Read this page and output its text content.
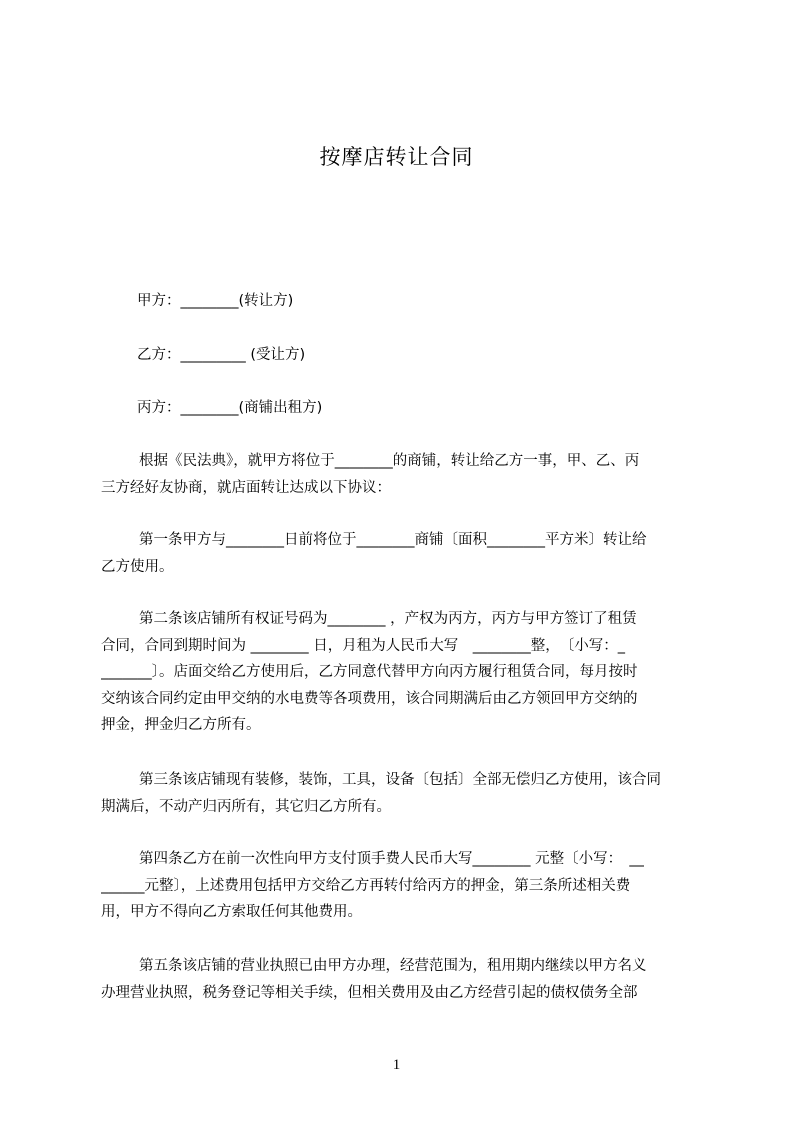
按摩店转让合同
甲方：________(转让方)
乙方：_________ (受让方)
丙方：________(商铺出租方)
根据《民法典》，就甲方将位于________的商铺，转让给乙方一事，甲、乙、丙
三方经好友协商，就店面转让达成以下协议：
第一条甲方与________日前将位于________商铺〔面积________平方米〕转让给
乙方使用。
第二条该店铺所有权证号码为________ ，产权为丙方，丙方与甲方签订了租赁
合同，合同到期时间为 ________ 日，月租为人民币大写　________整，　〔小写：_
_______〕。店面交给乙方使用后，乙方同意代替甲方向丙方履行租赁合同，每月按时
交纳该合同约定由甲交纳的水电费等各项费用，该合同期满后由乙方领回甲方交纳的
押金，押金归乙方所有。
第三条该店铺现有装修，装饰，工具，设备〔包括〕全部无偿归乙方使用，该合同
期满后，不动产归丙所有，其它归乙方所有。
第四条乙方在前一次性向甲方支付顶手费人民币大写________ 元整〔小写：　__
______元整〕，上述费用包括甲方交给乙方再转付给丙方的押金，第三条所述相关费
用，甲方不得向乙方索取任何其他费用。
第五条该店铺的营业执照已由甲方办理，经营范围为，租用期内继续以甲方名义
办理营业执照，税务登记等相关手续，但相关费用及由乙方经营引起的债权债务全部
1
